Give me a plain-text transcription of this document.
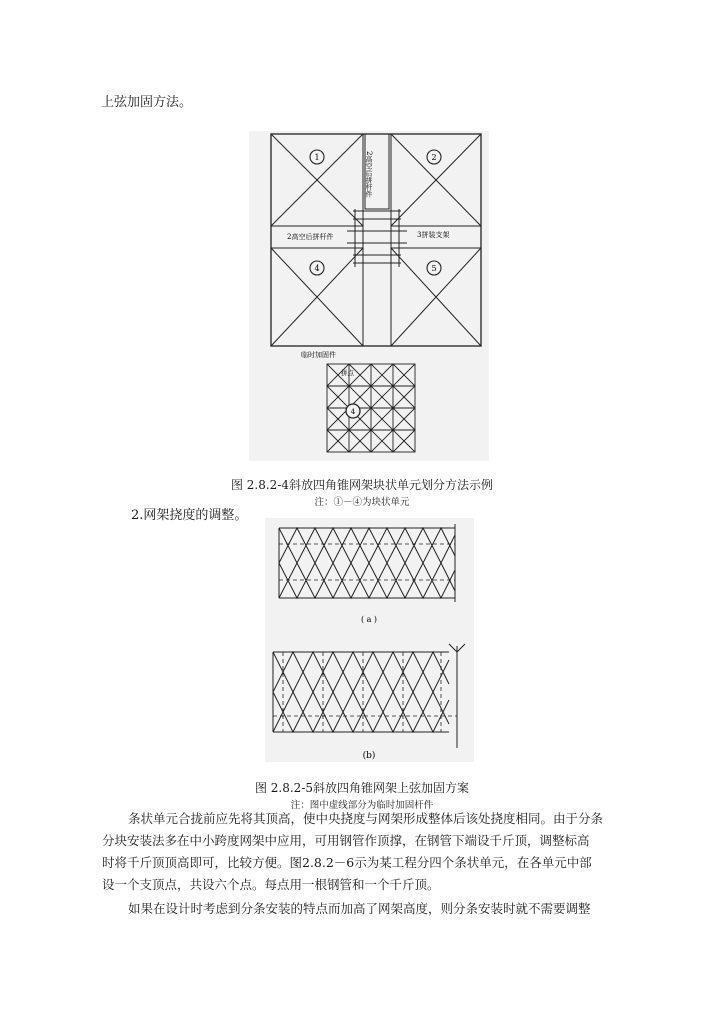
上弦加固方法。
1	2
4	5
2高空后拼杆件
2高空后拼杆件
3拼装支架
临时加固件
拼点
4
图 2.8.2-4斜放四角锥网架块状单元划分方法示例
注：①－④为块状单元
2.网架挠度的调整。
( a )
(b)
图 2.8.2-5斜放四角锥网架上弦加固方案
注：图中虚线部分为临时加固杆件
条状单元合拢前应先将其顶高，使中央挠度与网架形成整体后该处挠度相同。由于分条
分块安装法多在中小跨度网架中应用，可用钢管作顶撑，在钢管下端设千斤顶，调整标高
时将千斤顶顶高即可，比较方便。图2.8.2－6示为某工程分四个条状单元，在各单元中部
设一个支顶点，共设六个点。每点用一根钢管和一个千斤顶。
如果在设计时考虑到分条安装的特点而加高了网架高度，则分条安装时就不需要调整
